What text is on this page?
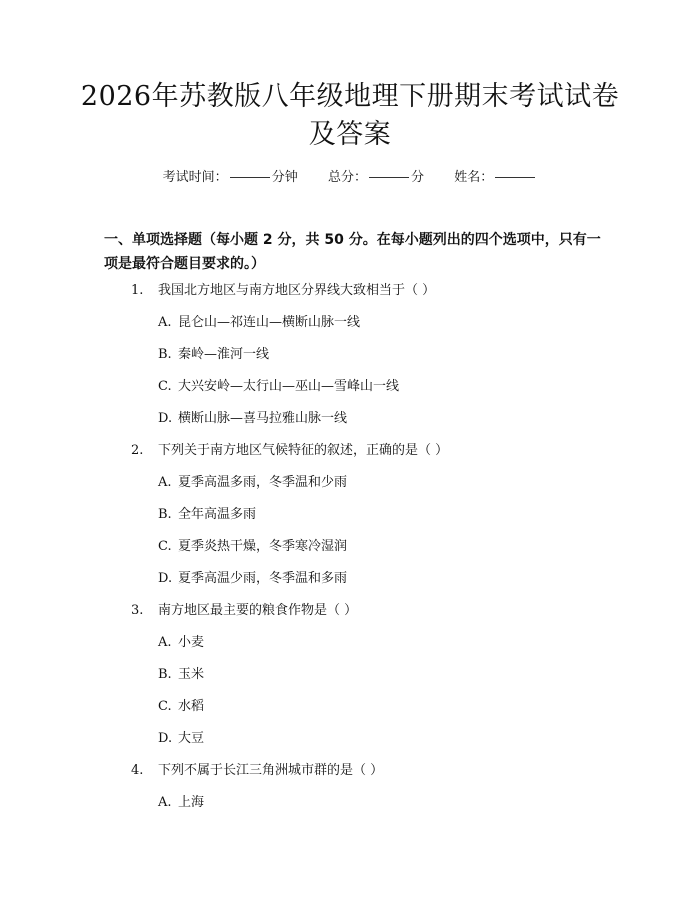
2026年苏教版八年级地理下册期末考试试卷及答案
考试时间：	分钟 总分：	分 姓名：
一、单项选择题（每小题 2 分，共 50 分。在每小题列出的四个选项中，只有一项是最符合题目要求的。）
1. 我国北方地区与南方地区分界线大致相当于（ ）
A. 昆仑山—祁连山—横断山脉一线
B. 秦岭—淮河一线
C. 大兴安岭—太行山—巫山—雪峰山一线
D. 横断山脉—喜马拉雅山脉一线
2. 下列关于南方地区气候特征的叙述，正确的是（ ）
A. 夏季高温多雨，冬季温和少雨
B. 全年高温多雨
C. 夏季炎热干燥，冬季寒冷湿润
D. 夏季高温少雨，冬季温和多雨
3. 南方地区最主要的粮食作物是（ ）
A. 小麦
B. 玉米
C. 水稻
D. 大豆
4. 下列不属于长江三角洲城市群的是（ ）
A. 上海
